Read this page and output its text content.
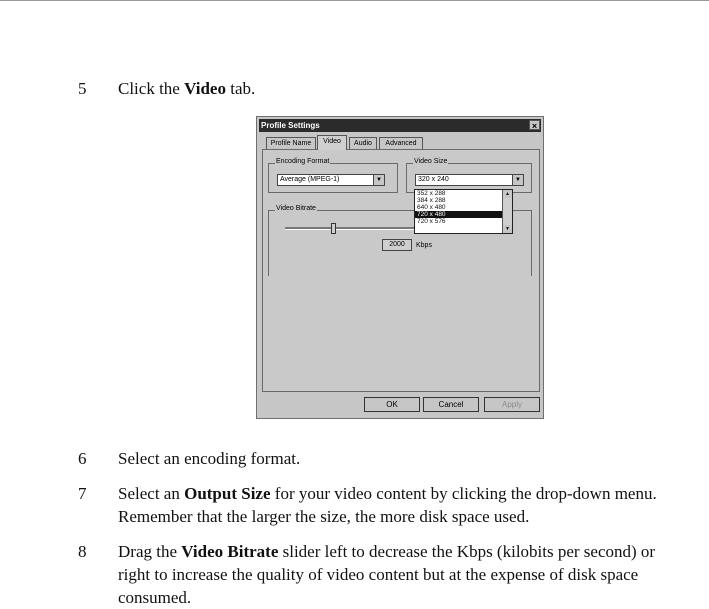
5 Click the Video tab.
Profile Settings	×
Profile Name	Video	Audio	Advanced
Encoding Format
Average (MPEG-1)	▼
Video Size
320 x 240	▼
Video Bitrate
2000	Kbps
OK	Cancel	Apply
352 x 288
384 x 288
640 x 480
720 x 480
720 x 576
▲
▼
6 Select an encoding format.
7 Select an Output Size for your video content by clicking the drop-down menu. Remember that the larger the size, the more disk space used.
8 Drag the Video Bitrate slider left to decrease the Kbps (kilobits per second) or right to increase the quality of video content but at the expense of disk space consumed.
